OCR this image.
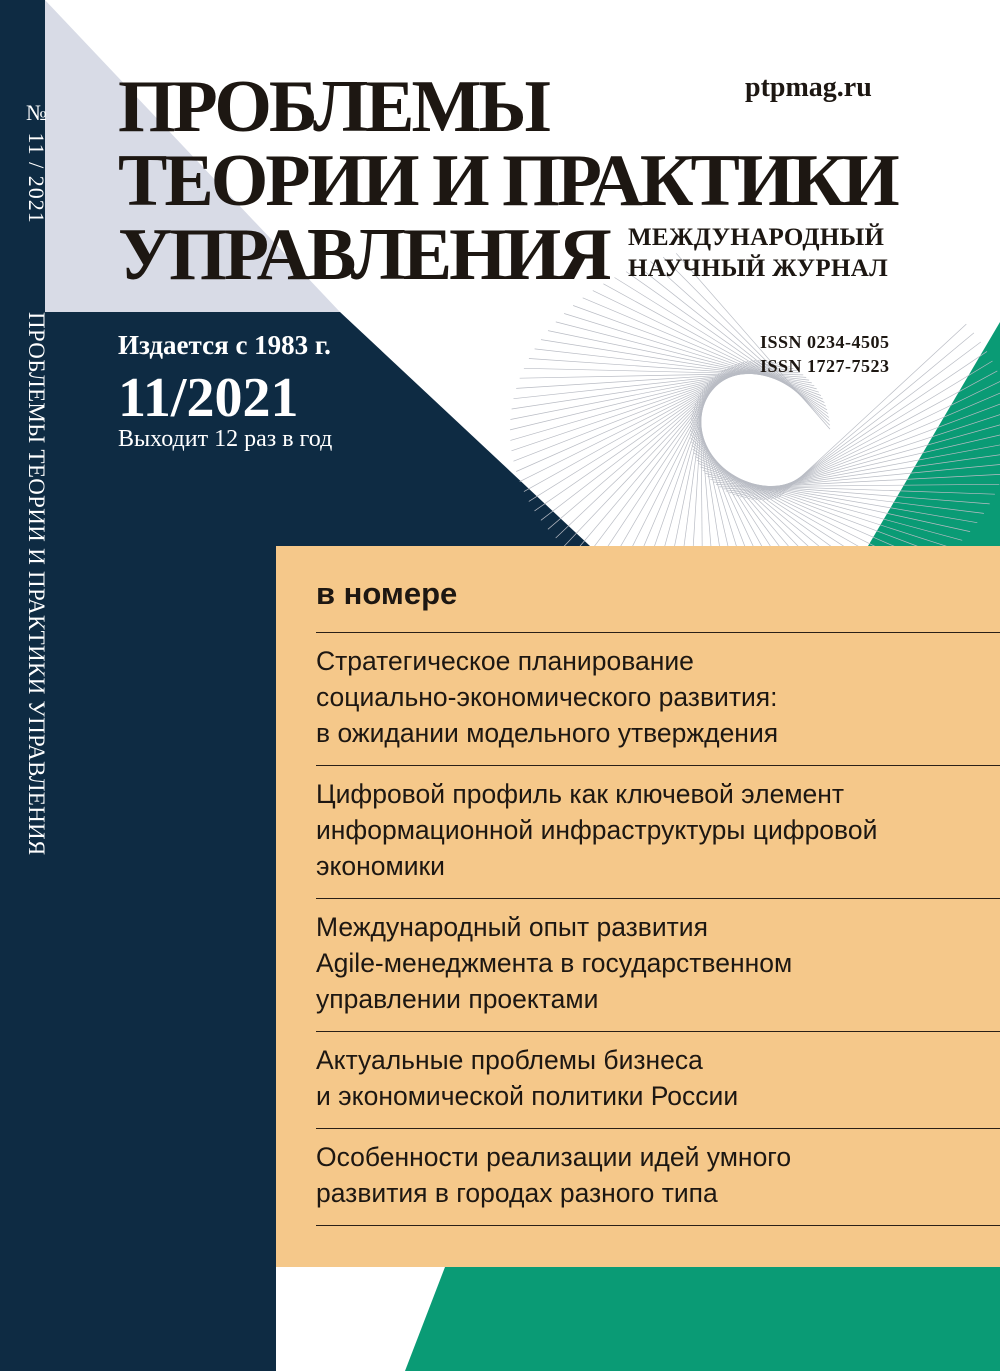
№ 11 / 2021
ПРОБЛЕМЫ ТЕОРИИ И ПРАКТИКИ УПРАВЛЕНИЯ
ПРОБЛЕМЫ
ТЕОРИИ И ПРАКТИКИ
УПРАВЛЕНИЯ
ptpmag.ru
МЕЖДУНАРОДНЫЙ
НАУЧНЫЙ ЖУРНАЛ
Издается с 1983 г.
11/2021
Выходит 12 раз в год
ISSN 0234-4505
ISSN 1727-7523
в номере
Стратегическое планирование
социально-экономического развития:
в ожидании модельного утверждения
Цифровой профиль как ключевой элемент
информационной инфраструктуры цифровой
экономики
Международный опыт развития
Agile-менеджмента в государственном
управлении проектами
Актуальные проблемы бизнеса
и экономической политики России
Особенности реализации идей умного
развития в городах разного типа
